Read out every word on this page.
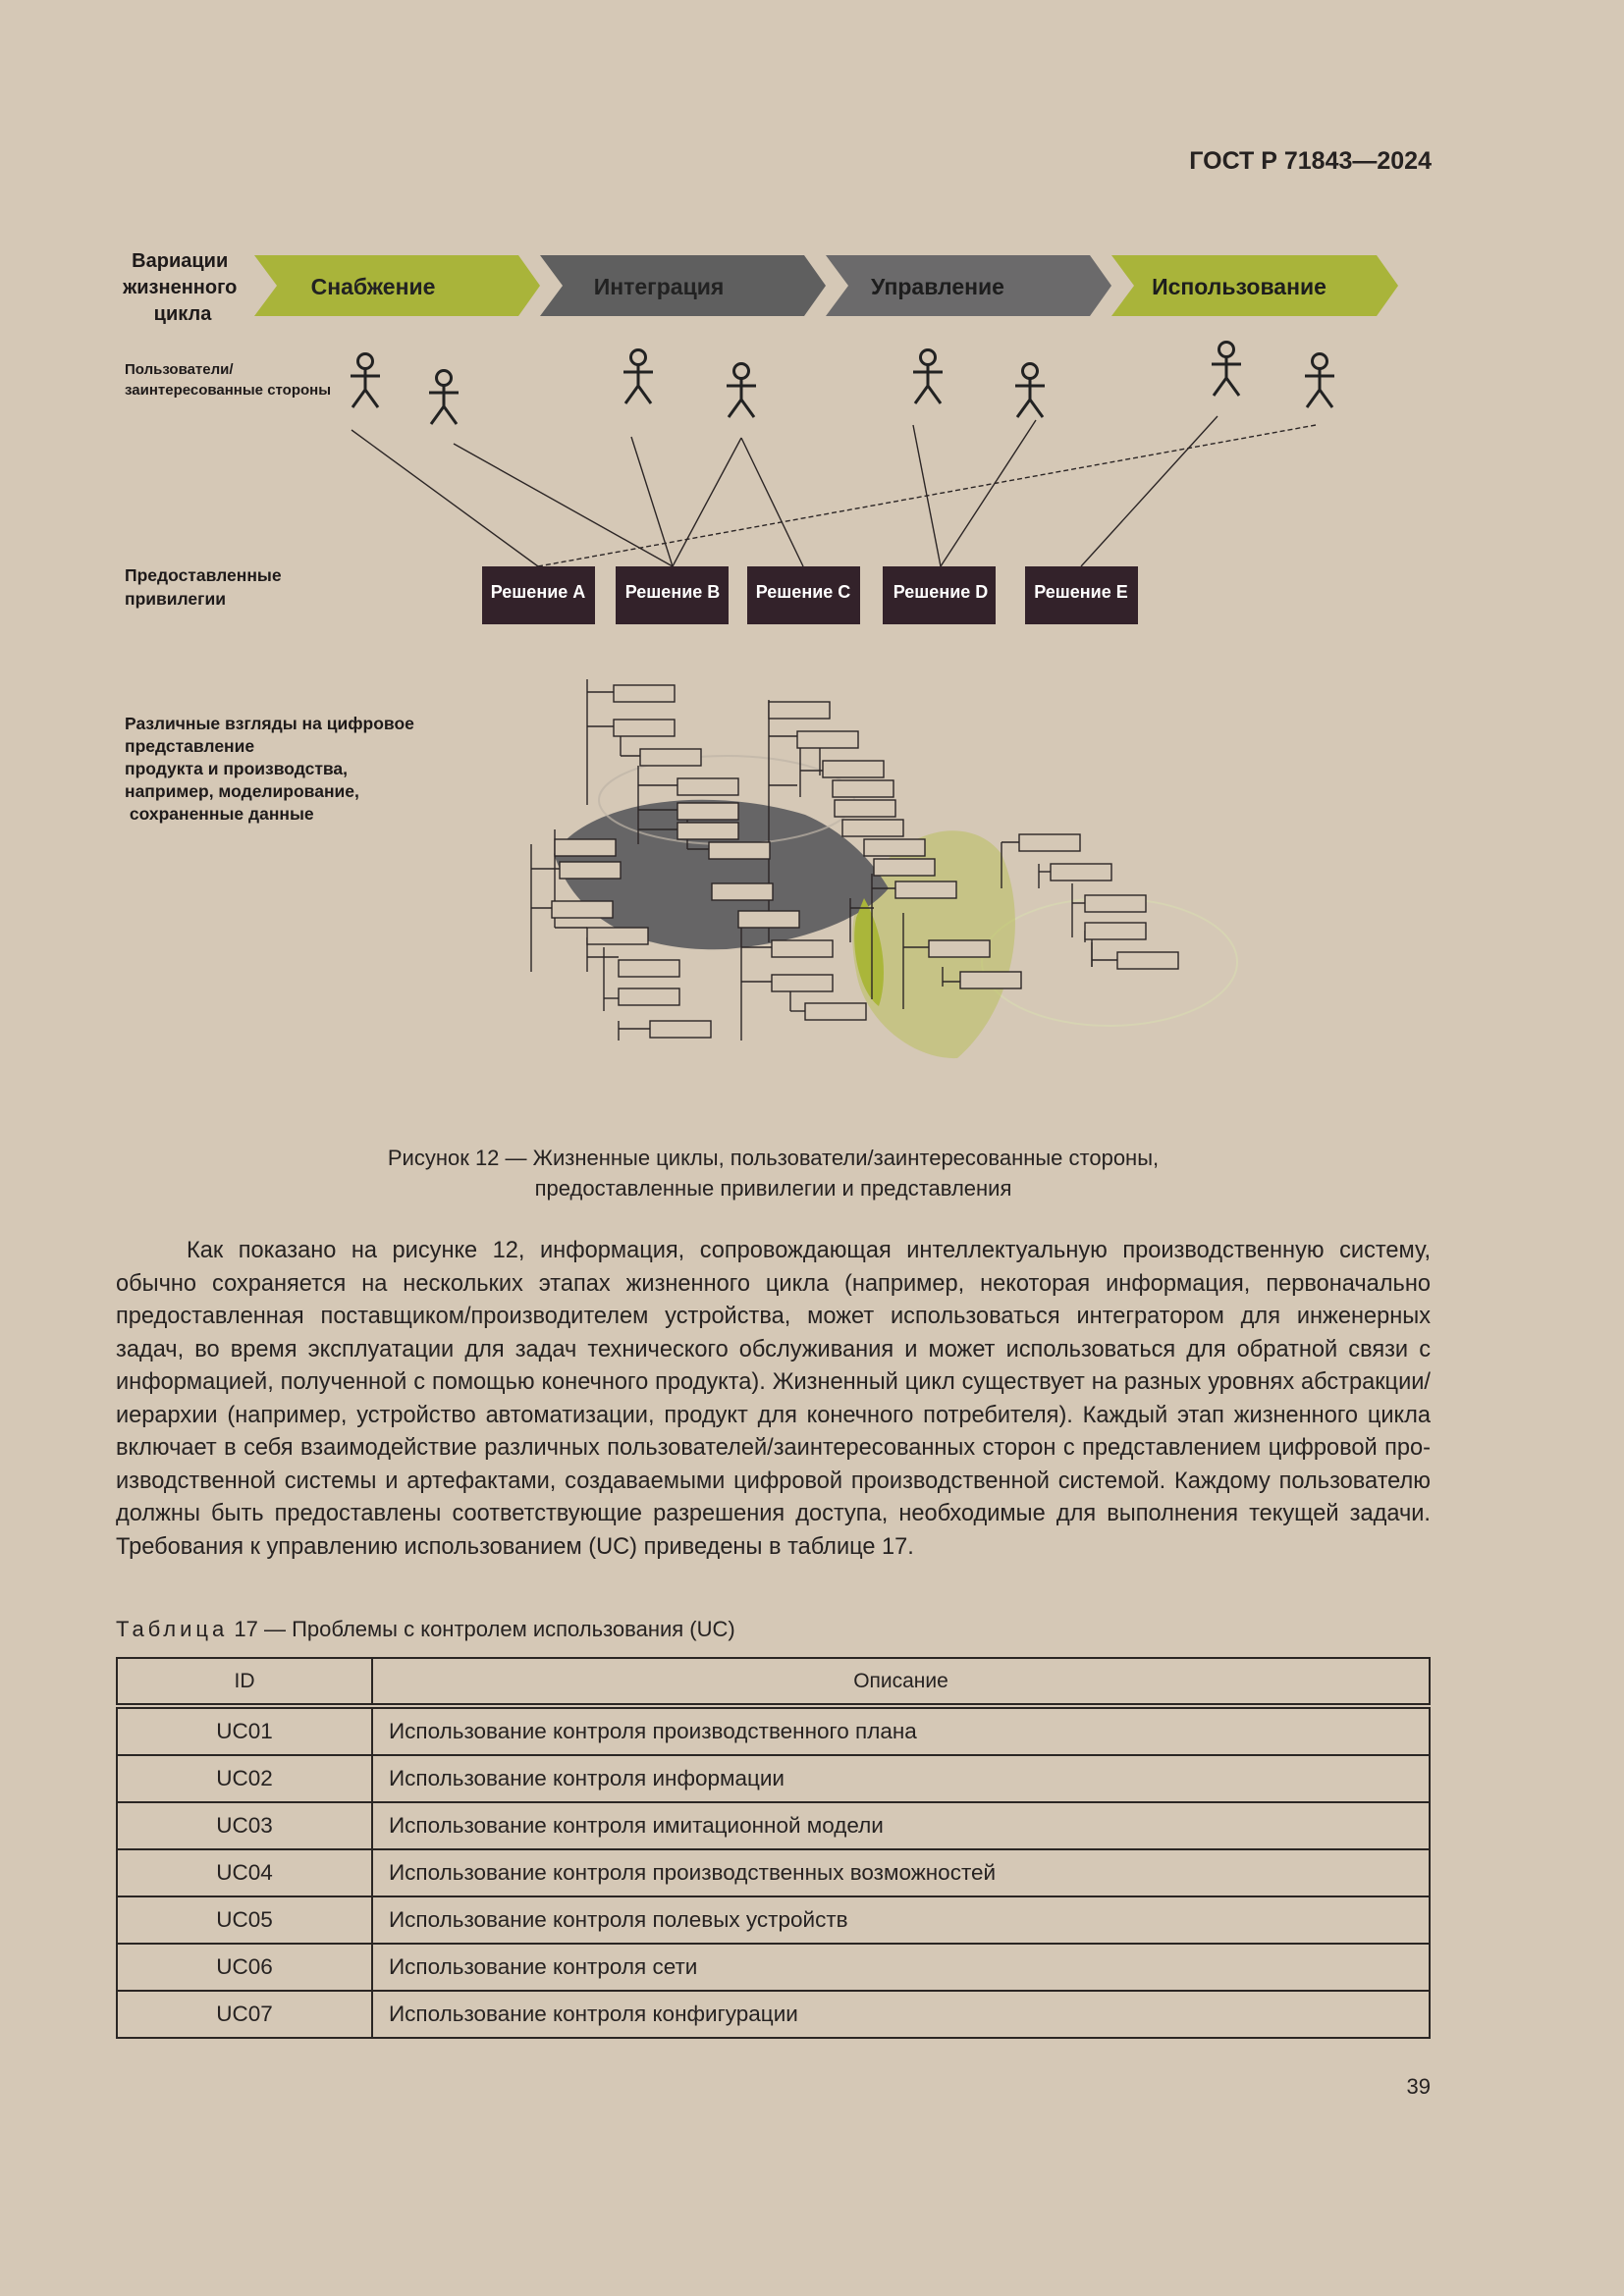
ГОСТ Р 71843—2024
Вариации жизненного цикла
Пользователи/ заинтересованные стороны
Предоставленные привилегии
Различные взгляды на цифровое представление продукта и производства, например, моделирование,        сохраненные данные
Снабжение	Интеграция	Управление	Использование
Решение A Решение B Решение C Решение D	Решение E
Рисунок 12 — Жизненные циклы, пользователи/заинтересованные стороны,
предоставленные привилегии и представления

Как показано на рисунке 12, информация, сопровождающая интеллектуальную производственную систему, обычно сохраняется на нескольких этапах жизненного цикла (например, некоторая информация, первоначально предоставленная поставщиком/производителем устройства, может использоваться интегратором для инженерных задач, во время эксплуатации для задач технического обслуживания и может использоваться для обратной связи с информацией, полученной с помощью конечного продукта). Жизненный цикл существует на разных уровнях абстракции/иерархии (например, устройство автоматизации, продукт для конечного потребителя). Каждый этап жизненного цикла включает в себя взаимодействие различных пользователей/заинтересованных сторон с представлением цифровой производственной системы и артефактами, создаваемыми цифровой производственной системой. Каждому пользователю должны быть предоставлены соответствующие разрешения доступа, необходимые для выполнения текущей задачи. Требования к управлению использованием (UC) приведены в таблице 17.

Таблица 17 — Проблемы с контролем использования (UC)
ID	Описание
UC01	Использование контроля производственного плана
UC02	Использование контроля информации
UC03	Использование контроля имитационной модели
UC04	Использование контроля производственных возможностей
UC05	Использование контроля полевых устройств
UC06	Использование контроля сети
UC07	Использование контроля конфигурации
39
